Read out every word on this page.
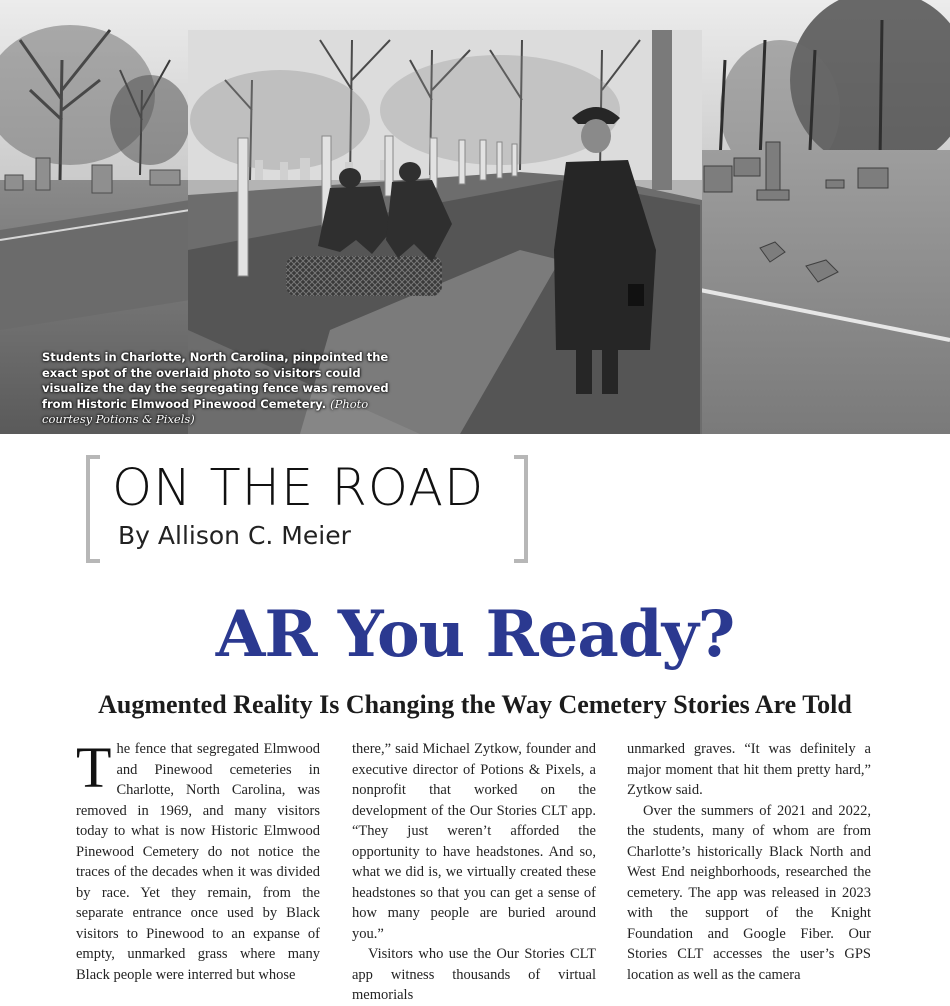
Students in Charlotte, North Carolina, pinpointed the exact spot of the overlaid photo so visitors could visualize the day the segregating fence was removed from Historic Elmwood Pinewood Cemetery. (Photo courtesy Potions & Pixels)
ON THE ROAD
By Allison C. Meier
AR You Ready?
Augmented Reality Is Changing the Way Cemetery Stories Are Told

The fence that segregated Elmwood and Pinewood cemeteries in Charlotte, North Carolina, was removed in 1969, and many visitors today to what is now Historic Elmwood Pinewood Cemetery do not notice the traces of the decades when it was divided by race. Yet they remain, from the separate entrance once used by Black visitors to Pinewood to an expanse of empty, unmarked grass where many Black people were interred but whose

there,” said Michael Zytkow, founder and executive director of Potions & Pixels, a nonprofit that worked on the development of the Our Stories CLT app. “They just weren’t afforded the opportunity to have headstones. And so, what we did is, we virtually created these headstones so that you can get a sense of how many people are buried around you.”

Visitors who use the Our Stories CLT app witness thousands of virtual memorials

unmarked graves. “It was definitely a major moment that hit them pretty hard,” Zytkow said.

Over the summers of 2021 and 2022, the students, many of whom are from Charlotte’s historically Black North and West End neighborhoods, researched the cemetery. The app was released in 2023 with the support of the Knight Foundation and Google Fiber. Our Stories CLT accesses the user’s GPS location as well as the camera
